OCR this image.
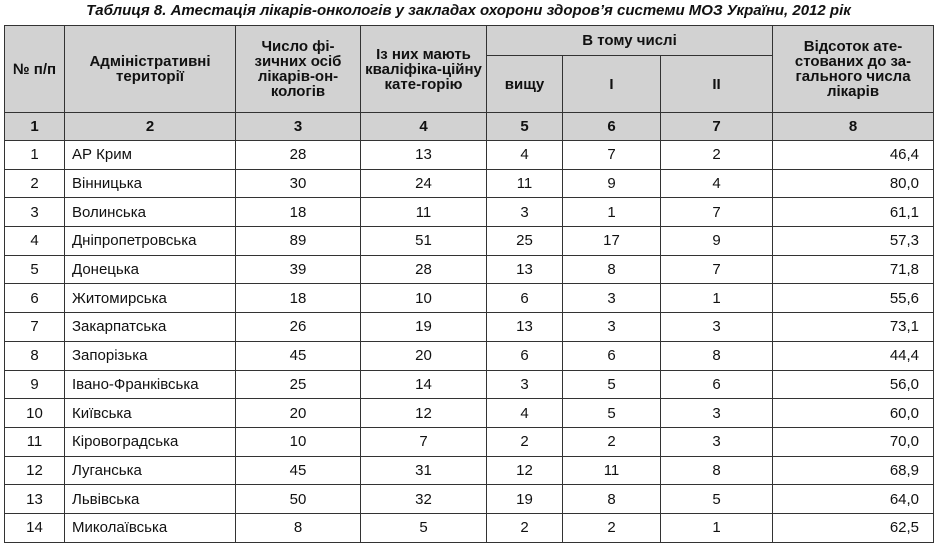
Таблиця 8. Атестація лікарів-онкологів у закладах охорони здоров’я системи МОЗ України, 2012 рік
№ п/п	Адміністративні території	Число фі-зичних осіб лікарів-он-кологів	Із них мають кваліфіка-ційну кате-горію	В тому числі			Відсоток ате-стованих до за-гального числа лікарів
				вищу	I	II	
1	2	3	4	5	6	7	8
1	АР Крим	28	13	4	7	2	46,4
2	Вінницька	30	24	11	9	4	80,0
3	Волинська	18	11	3	1	7	61,1
4	Дніпропетровська	89	51	25	17	9	57,3
5	Донецька	39	28	13	8	7	71,8
6	Житомирська	18	10	6	3	1	55,6
7	Закарпатська	26	19	13	3	3	73,1
8	Запорізька	45	20	6	6	8	44,4
9	Івано-Франківська	25	14	3	5	6	56,0
10	Київська	20	12	4	5	3	60,0
11	Кіровоградська	10	7	2	2	3	70,0
12	Луганська	45	31	12	11	8	68,9
13	Львівська	50	32	19	8	5	64,0
14	Миколаївська	8	5	2	2	1	62,5
